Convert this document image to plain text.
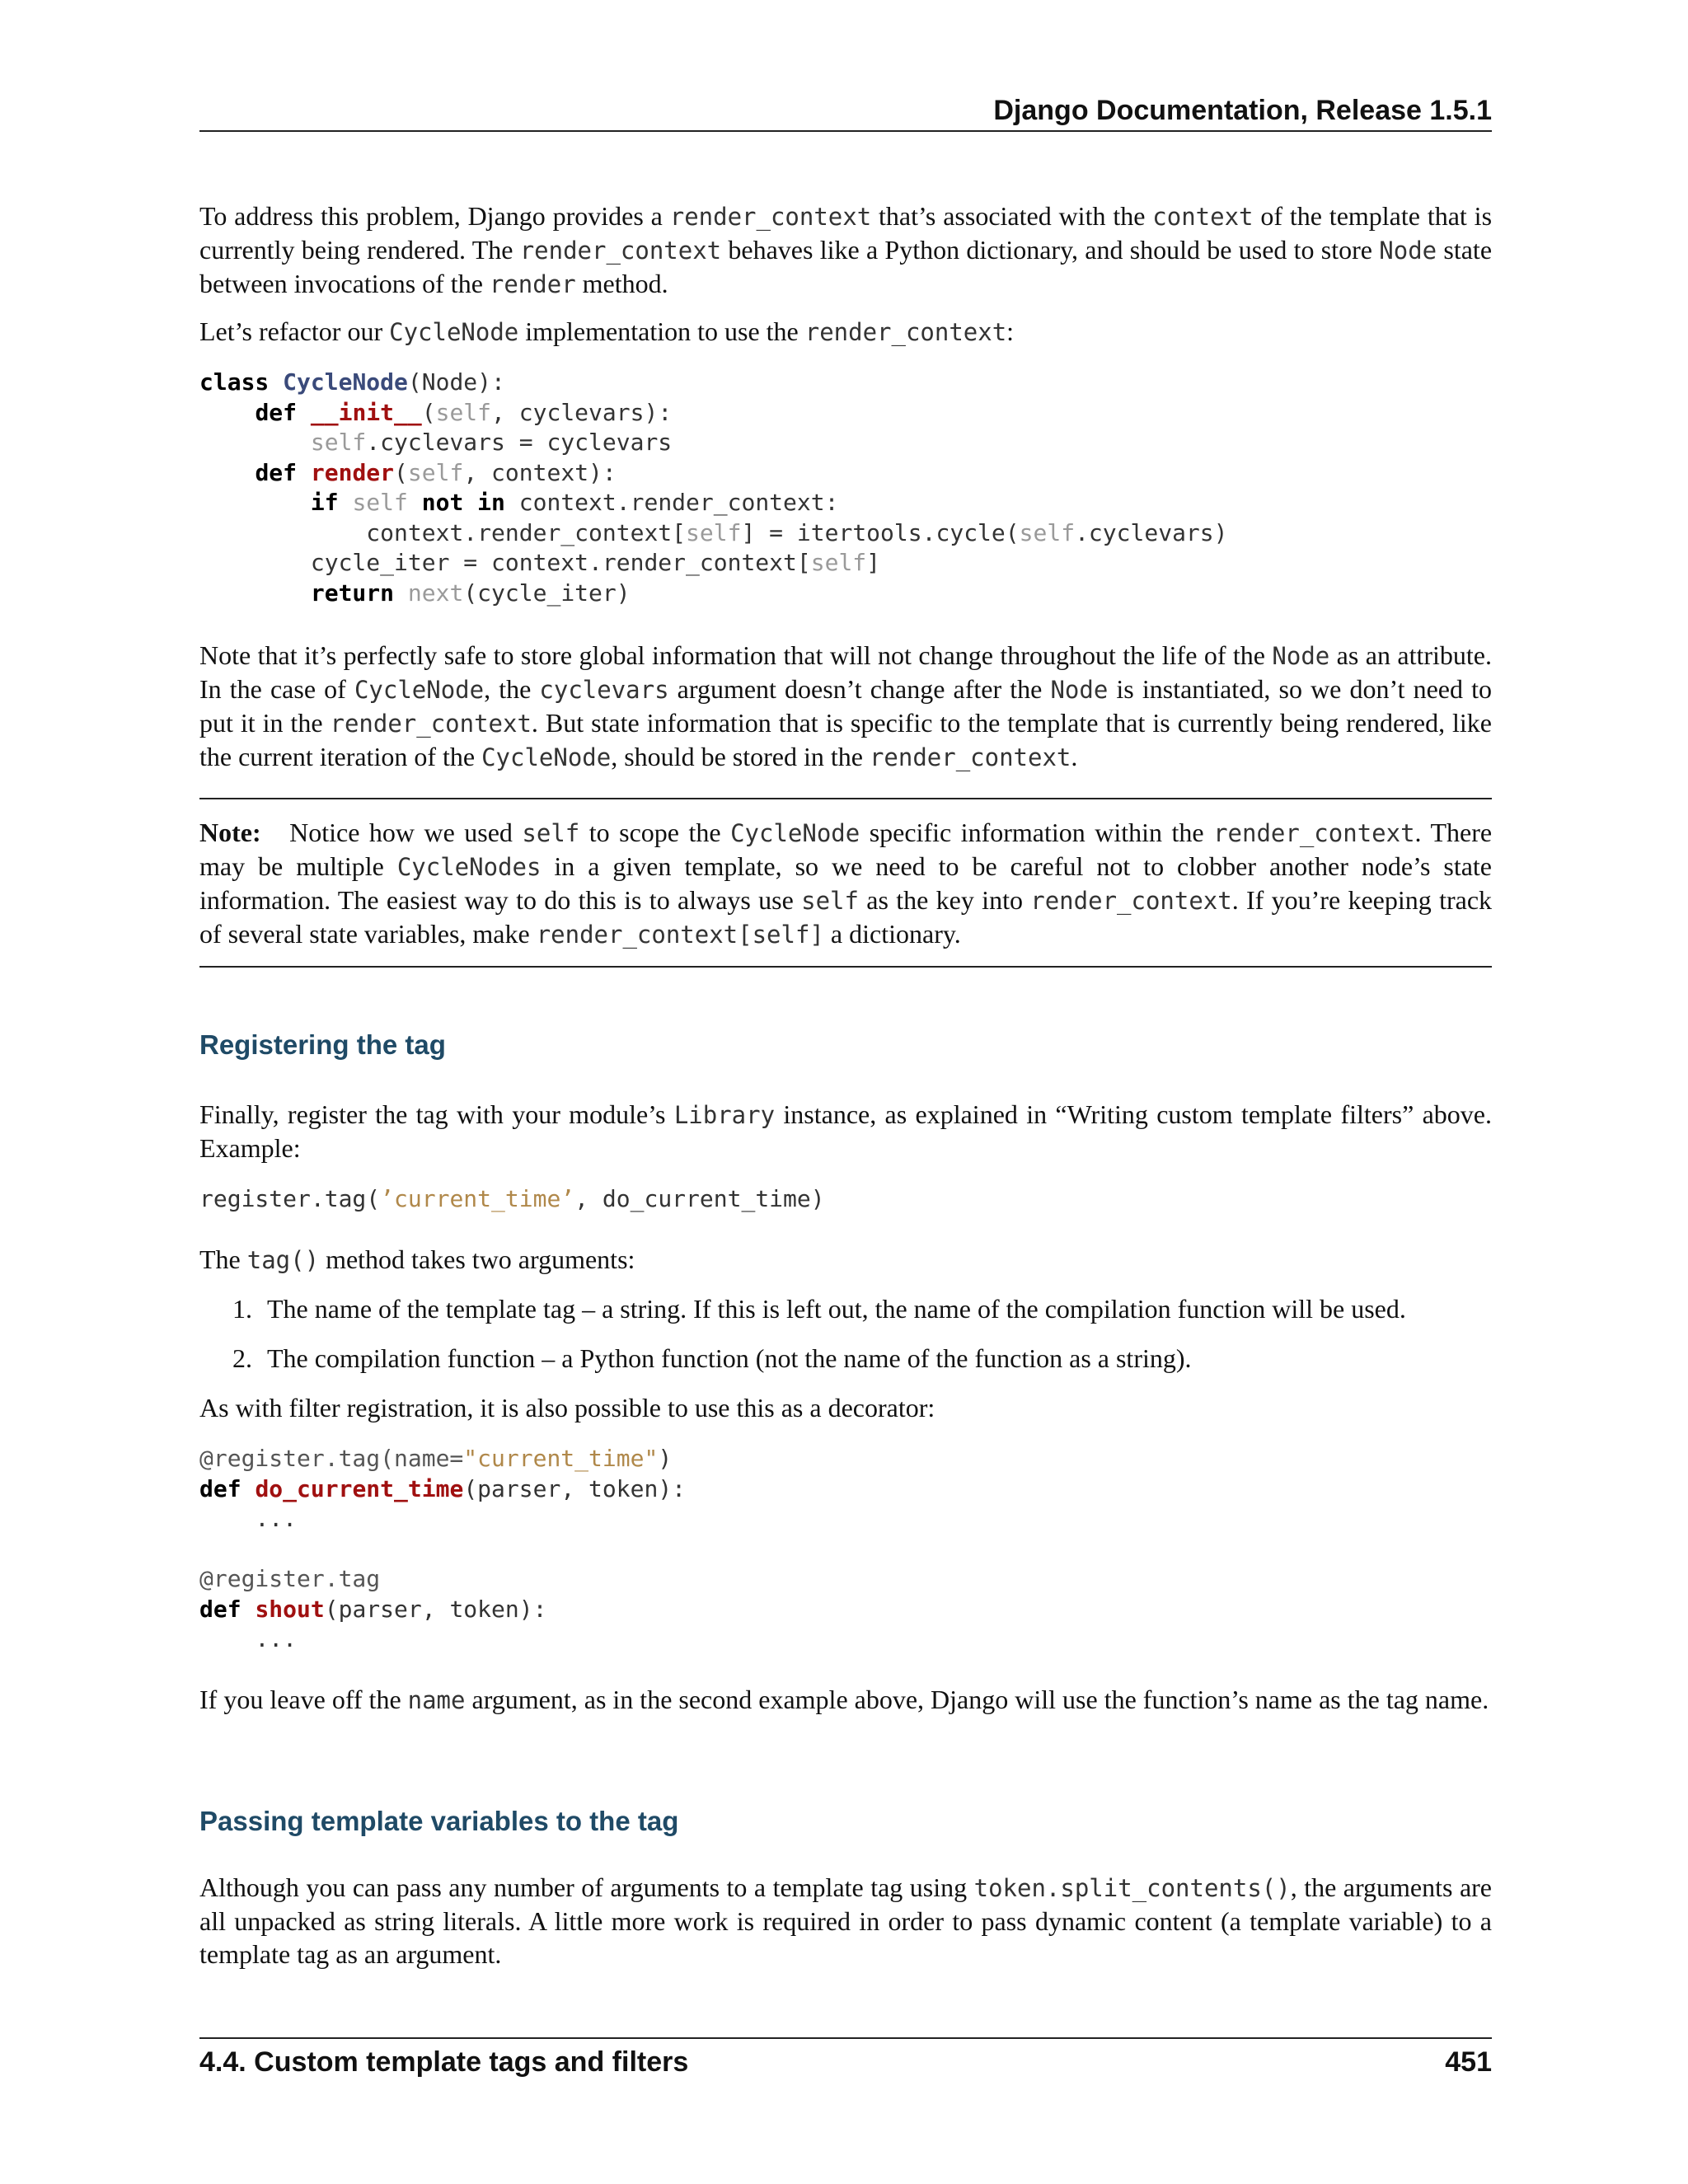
Django Documentation, Release 1.5.1

To address this problem, Django provides a render_context that’s associated with the context of the template that is currently being rendered. The render_context behaves like a Python dictionary, and should be used to store Node state between invocations of the render method.

Let’s refactor our CycleNode implementation to use the render_context:

class CycleNode(Node):
def __init__(self, cyclevars):
self.cyclevars = cyclevars
def render(self, context):
if self not in context.render_context:
context.render_context[self] = itertools.cycle(self.cyclevars)
cycle_iter = context.render_context[self]
return next(cycle_iter)

Note that it’s perfectly safe to store global information that will not change throughout the life of the Node as an attribute. In the case of CycleNode, the cyclevars argument doesn’t change after the Node is instantiated, so we don’t need to put it in the render_context. But state information that is specific to the template that is currently being rendered, like the current iteration of the CycleNode, should be stored in the render_context.

Note: Notice how we used self to scope the CycleNode specific information within the render_context. There may be multiple CycleNodes in a given template, so we need to be careful not to clobber another node’s state information. The easiest way to do this is to always use self as the key into render_context. If you’re keeping track of several state variables, make render_context[self] a dictionary.

Registering the tag

Finally, register the tag with your module’s Library instance, as explained in “Writing custom template filters” above. Example:

register.tag(’current_time’, do_current_time)

The tag() method takes two arguments:

1. The name of the template tag – a string. If this is left out, the name of the compilation function will be used.
2. The compilation function – a Python function (not the name of the function as a string).

As with filter registration, it is also possible to use this as a decorator:

@register.tag(name="current_time")
def do_current_time(parser, token):
...

@register.tag
def shout(parser, token):
...

If you leave off the name argument, as in the second example above, Django will use the function’s name as the tag name.

Passing template variables to the tag

Although you can pass any number of arguments to a template tag using token.split_contents(), the arguments are all unpacked as string literals. A little more work is required in order to pass dynamic content (a template variable) to a template tag as an argument.

4.4. Custom template tags and filters	451
